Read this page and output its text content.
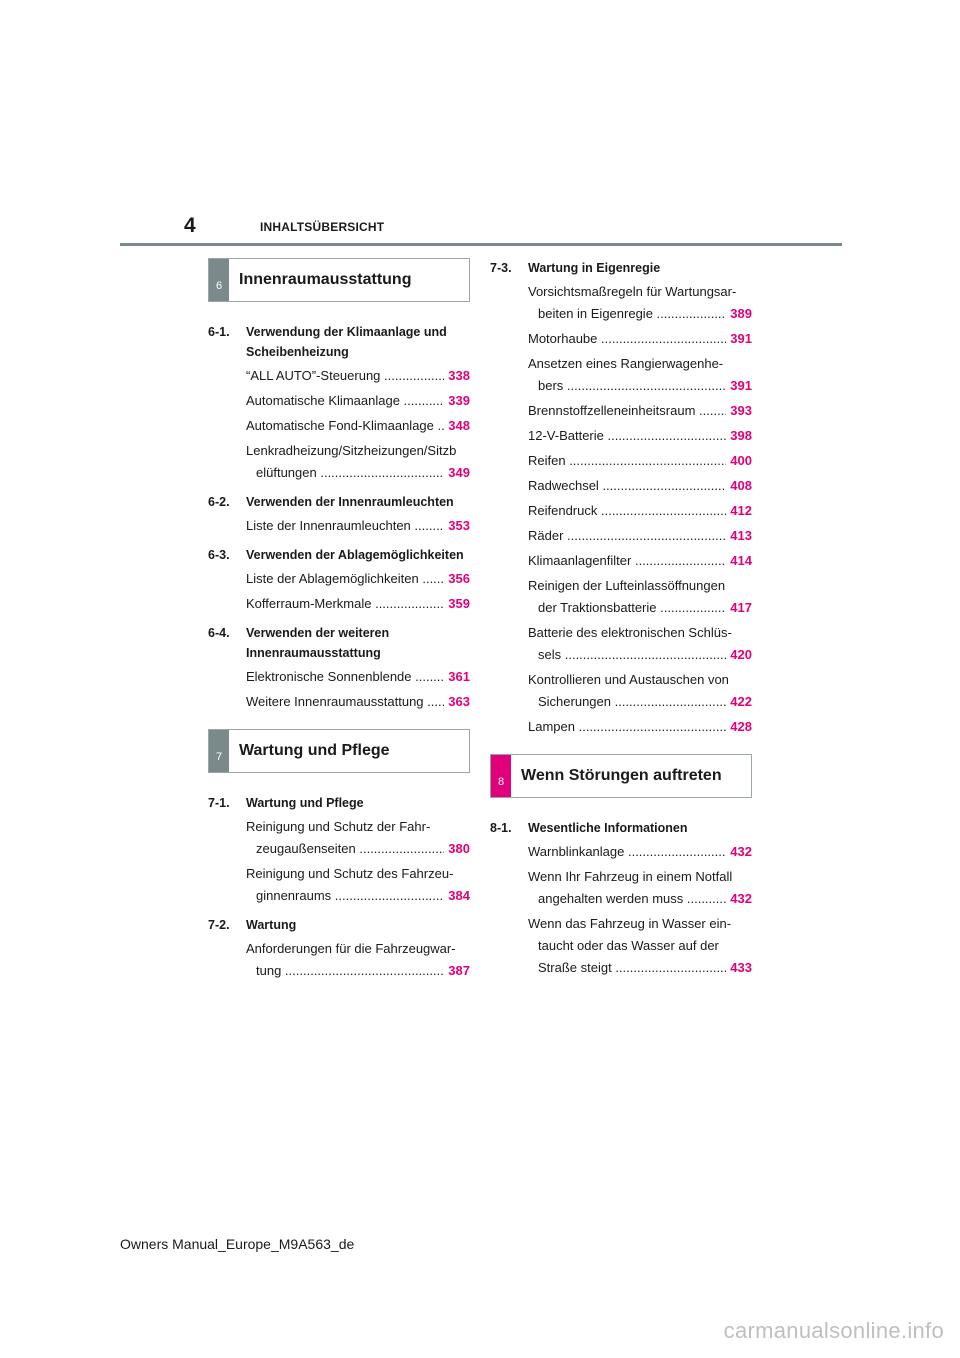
4	INHALTSÜBERSICHT
6	Innenraumausstattung
6-1.	Verwendung der Klimaanlage und Scheibenheizung
“ALL AUTO”-Steuerung .....	338
Automatische Klimaanlage .....	339
Automatische Fond-Klimaanlage .....	348
Lenkradheizung/Sitzheizungen/Sitzb
elüftungen .....	349
6-2.	Verwenden der Innenraumleuchten
Liste der Innenraumleuchten .....	353
6-3.	Verwenden der Ablagemöglichkeiten
Liste der Ablagemöglichkeiten .....	356
Kofferraum-Merkmale .....	359
6-4.	Verwenden der weiteren Innenraumausstattung
Elektronische Sonnenblende .....	361
Weitere Innenraumausstattung .....	363
7	Wartung und Pflege
7-1.	Wartung und Pflege
Reinigung und Schutz der Fahr-
zeugaußenseiten .....	380
Reinigung und Schutz des Fahrzeu-
ginnenraums .....	384
7-2.	Wartung
Anforderungen für die Fahrzeugwar-
tung .....	387
7-3.	Wartung in Eigenregie
Vorsichtsmaßregeln für Wartungsar-
beiten in Eigenregie .....	389
Motorhaube .....	391
Ansetzen eines Rangierwagenhe-
bers .....	391
Brennstoffzelleneinheitsraum .....	393
12-V-Batterie .....	398
Reifen .....	400
Radwechsel .....	408
Reifendruck .....	412
Räder .....	413
Klimaanlagenfilter .....	414
Reinigen der Lufteinlassöffnungen
der Traktionsbatterie .....	417
Batterie des elektronischen Schlüs-
sels .....	420
Kontrollieren und Austauschen von
Sicherungen .....	422
Lampen .....	428
8	Wenn Störungen auftreten
8-1.	Wesentliche Informationen
Warnblinkanlage .....	432
Wenn Ihr Fahrzeug in einem Notfall
angehalten werden muss .....	432
Wenn das Fahrzeug in Wasser ein-
taucht oder das Wasser auf der
Straße steigt .....	433
Owners Manual_Europe_M9A563_de
carmanualsonline.info
